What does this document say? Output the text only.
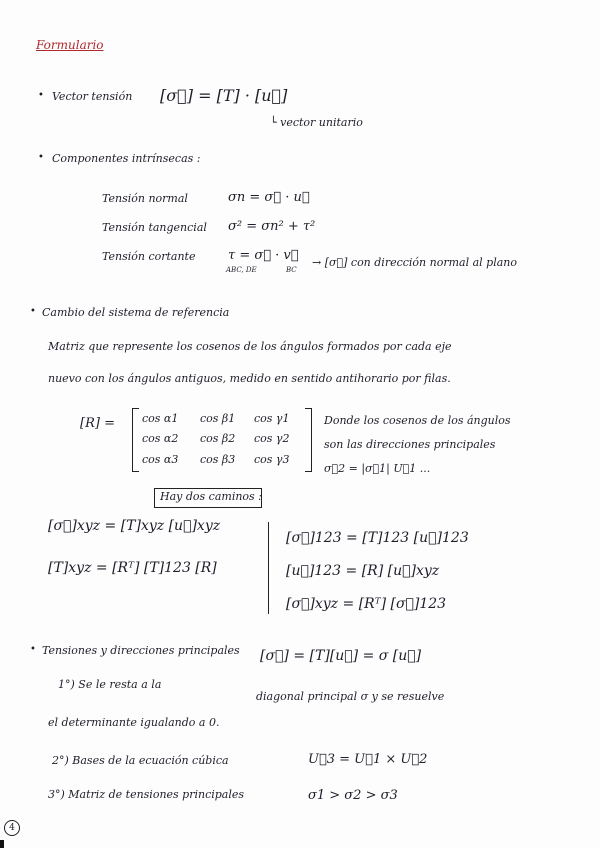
Formulario
• Vector tensión [σ⃗] = [T] · [u⃗]
└ vector unitario
• Componentes intrínsecas :
Tensión normal	σn = σ⃗ · u⃗
Tensión tangencial σ² = σn² + τ²
Tensión cortante	τ = σ⃗ · v⃗
ABC, DE	BC
→ [σ⃗] con dirección normal al plano
• Cambio del sistema de referencia
Matriz que represente los cosenos de los ángulos formados por cada eje
nuevo con los ángulos antiguos, medido en sentido antihorario por filas.
[R] = cos α1 cos β1 cos γ1
cos α2 cos β2 cos γ2
cos α3 cos β3 cos γ3
Donde los cosenos de los ángulos
son las direcciones principales
σ⃗2 = |σ⃗1| U⃗1 ...
Hay dos caminos :
[σ⃗]xyz = [T]xyz [u⃗]xyz
[T]xyz = [Rᵀ] [T]123 [R]
[σ⃗]123 = [T]123 [u⃗]123
[u⃗]123 = [R] [u⃗]xyz
[σ⃗]xyz = [Rᵀ] [σ⃗]123
• Tensiones y direcciones principales [σ⃗] = [T][u⃗] = σ [u⃗]
1°) Se le resta a la
diagonal principal σ y se resuelve
el determinante igualando a 0.
2°) Bases de la ecuación cúbica	U⃗3 = U⃗1 × U⃗2
3°) Matriz de tensiones principales	σ1 > σ2 > σ3
4
